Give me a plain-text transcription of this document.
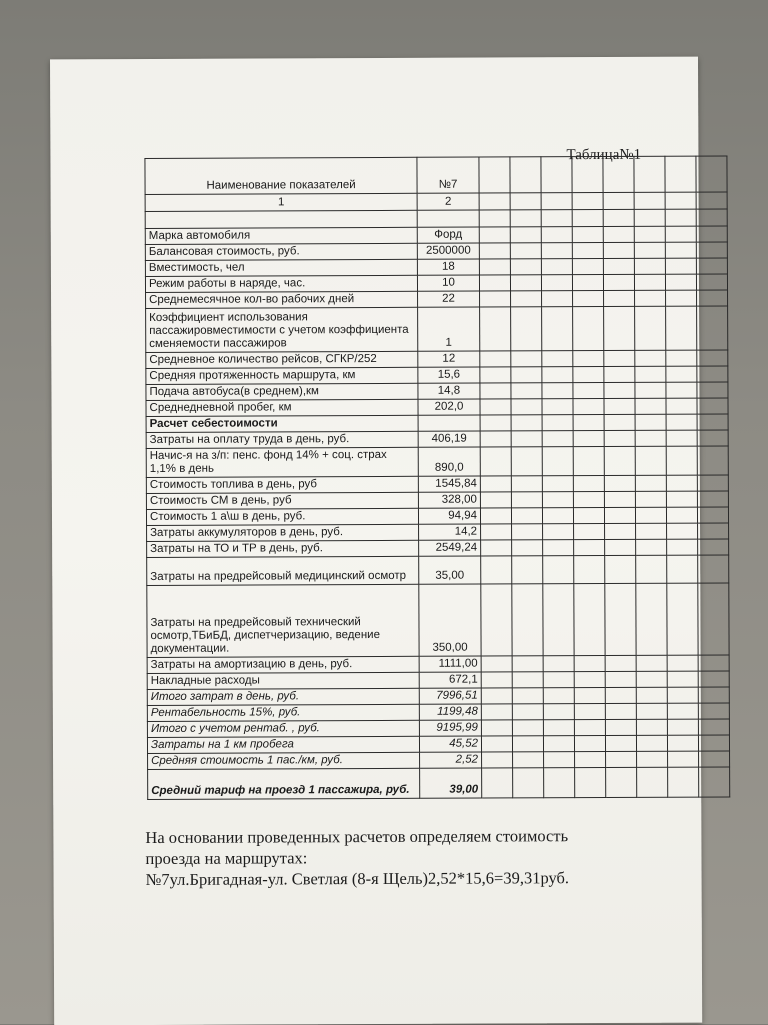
Таблица№1
Наименование показателей	№7								
1	2								

Марка автомобиля	Форд								
Балансовая стоимость, руб.	2500000								
Вместимость, чел	18								
Режим работы в наряде, час.	10								
Среднемесячное кол-во рабочих дней	22								
Коэффициент использования пассажировместимости с учетом коэффициента сменяемости пассажиров	1								
Средневное количество рейсов, СГКР/252	12								
Средняя протяженность маршрута, км	15,6								
Подача автобуса(в среднем),км	14,8								
Среднедневной пробег, км	202,0								
Расчет себестоимости									
Затраты на оплату труда в день, руб.	406,19								
Начис-я на з/п: пенс. фонд 14% + соц. страх 1,1% в день	890,0								
Стоимость топлива в день, руб	1545,84								
Стоимость СМ в день, руб	328,00								
Стоимость 1 а\ш в день, руб.	94,94								
Затраты аккумуляторов в день, руб.	14,2								
Затраты на ТО и ТР в день, руб.	2549,24								
Затраты на предрейсовый медицинский осмотр	35,00								
Затраты на предрейсовый технический осмотр,ТБиБД, диспетчеризацию, ведение документации.	350,00								
Затраты на амортизацию в день, руб.	1111,00								
Накладные расходы	672,1								
Итого затрат в день, руб.	7996,51								
Рентабельность 15%, руб.	1199,48								
Итого с учетом рентаб. , руб.	9195,99								
Затраты на 1 км пробега	45,52								
Средняя стоимость 1 пас./км, руб.	2,52								
Средний тариф на проезд 1 пассажира, руб.	39,00								
На основании проведенных расчетов определяем стоимость
проезда на маршрутах:
№7ул.Бригадная-ул. Светлая (8-я Щель)2,52*15,6=39,31руб.
